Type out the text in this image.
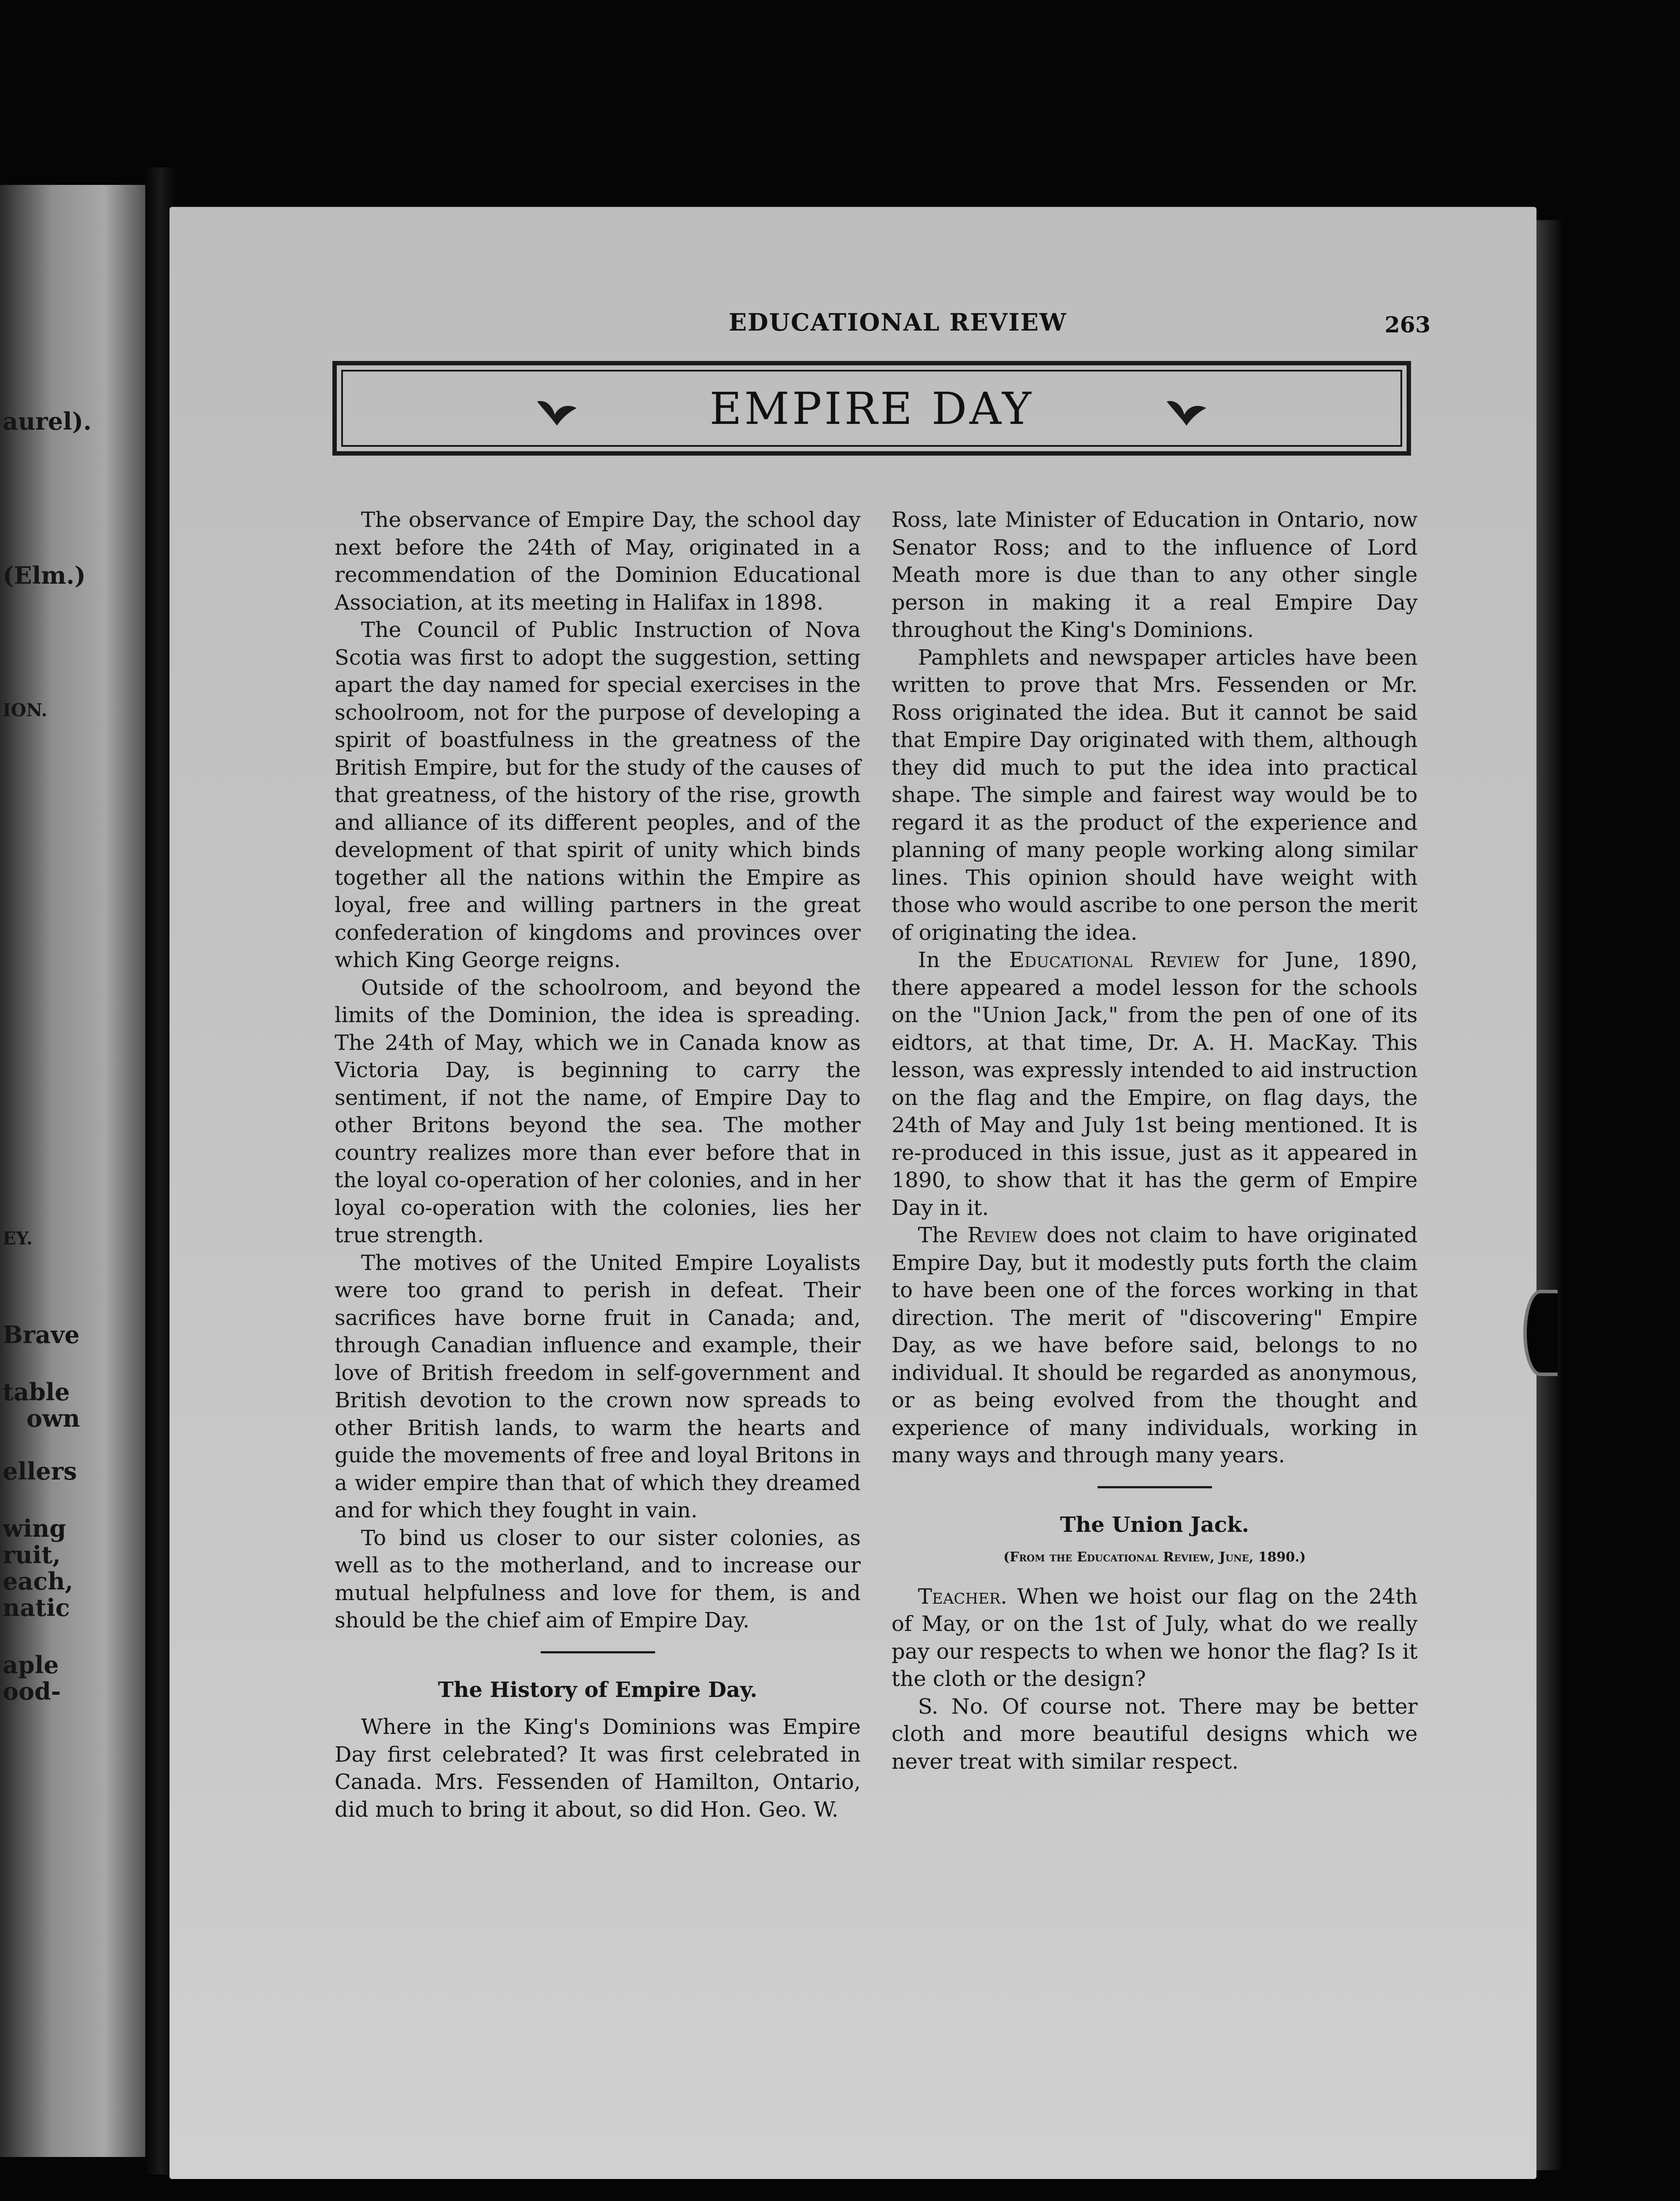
aurel).
(Elm.)
ION.
EY.
Brave
table
own
ellers
wing
ruit,
each,
natic
aple
ood-
EDUCATIONAL REVIEW	263
EMPIRE DAY

The observance of Empire Day, the school day next before the 24th of May, originated in a recommendation of the Dominion Educational Association, at its meeting in Halifax in 1898.

The Council of Public Instruction of Nova Scotia was first to adopt the suggestion, setting apart the day named for special exercises in the schoolroom, not for the purpose of developing a spirit of boastfulness in the greatness of the British Empire, but for the study of the causes of that greatness, of the history of the rise, growth and alliance of its different peoples, and of the development of that spirit of unity which binds together all the nations within the Empire as loyal, free and willing partners in the great confederation of kingdoms and provinces over which King George reigns.

Outside of the schoolroom, and beyond the limits of the Dominion, the idea is spreading. The 24th of May, which we in Canada know as Victoria Day, is beginning to carry the sentiment, if not the name, of Empire Day to other Britons beyond the sea. The mother country realizes more than ever before that in the loyal co-operation of her colonies, and in her loyal co-operation with the colonies, lies her true strength.

The motives of the United Empire Loyalists were too grand to perish in defeat. Their sacrifices have borne fruit in Canada; and, through Canadian influence and example, their love of British freedom in self-government and British devotion to the crown now spreads to other British lands, to warm the hearts and guide the movements of free and loyal Britons in a wider empire than that of which they dreamed and for which they fought in vain.

To bind us closer to our sister colonies, as well as to the motherland, and to increase our mutual helpfulness and love for them, is and should be the chief aim of Empire Day.

The History of Empire Day.

Where in the King's Dominions was Empire Day first celebrated? It was first celebrated in Canada. Mrs. Fessenden of Hamilton, Ontario, did much to bring it about, so did Hon. Geo. W.

Ross, late Minister of Education in Ontario, now Senator Ross; and to the influence of Lord Meath more is due than to any other single person in making it a real Empire Day throughout the King's Dominions.

Pamphlets and newspaper articles have been written to prove that Mrs. Fessenden or Mr. Ross originated the idea. But it cannot be said that Empire Day originated with them, although they did much to put the idea into practical shape. The simple and fairest way would be to regard it as the product of the experience and planning of many people working along similar lines. This opinion should have weight with those who would ascribe to one person the merit of originating the idea.

In the Educational Review for June, 1890, there appeared a model lesson for the schools on the "Union Jack," from the pen of one of its eidtors, at that time, Dr. A. H. MacKay. This lesson, was expressly intended to aid instruction on the flag and the Empire, on flag days, the 24th of May and July 1st being mentioned. It is re-produced in this issue, just as it appeared in 1890, to show that it has the germ of Empire Day in it.

The Review does not claim to have originated Empire Day, but it modestly puts forth the claim to have been one of the forces working in that direction. The merit of "discovering" Empire Day, as we have before said, belongs to no individual. It should be regarded as anonymous, or as being evolved from the thought and experience of many individuals, working in many ways and through many years.

The Union Jack.
(From the Educational Review, June, 1890.)

Teacher. When we hoist our flag on the 24th of May, or on the 1st of July, what do we really pay our respects to when we honor the flag? Is it the cloth or the design?

S. No. Of course not. There may be better cloth and more beautiful designs which we never treat with similar respect.
